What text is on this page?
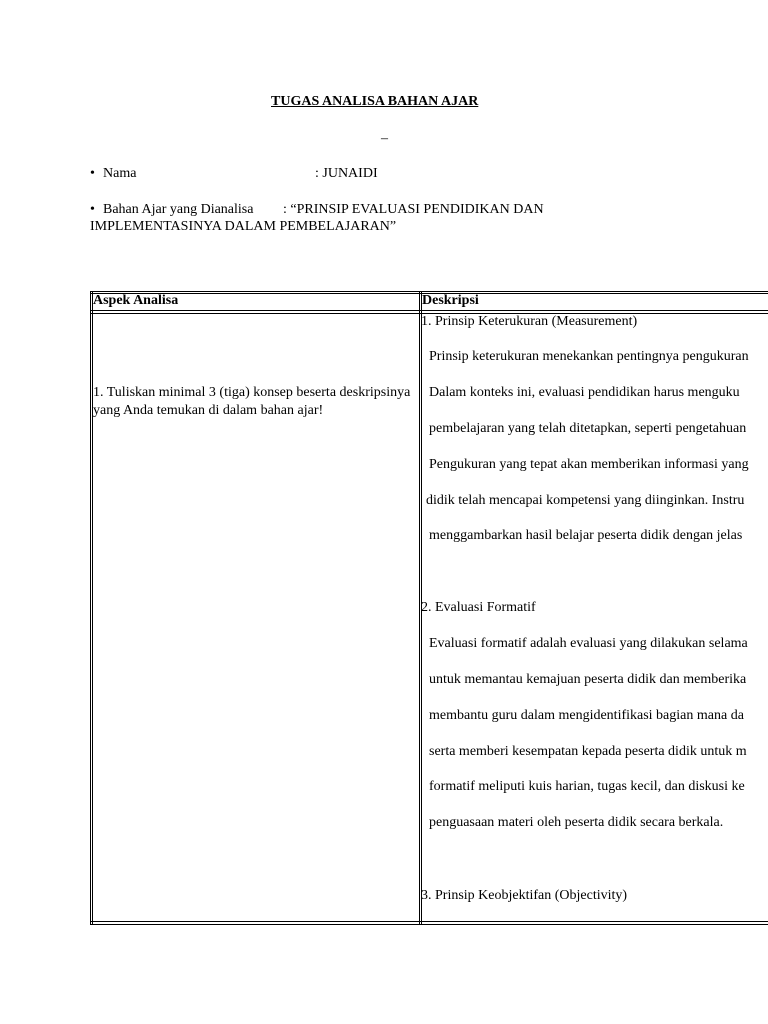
TUGAS ANALISA BAHAN AJAR
–
• Nama	: JUNAIDI
• Bahan Ajar yang Dianalisa : “PRINSIP EVALUASI PENDIDIKAN DAN
IMPLEMENTASINYA DALAM PEMBELAJARAN”
Aspek Analisa	Deskripsi
1. Tuliskan minimal 3 (tiga) konsep beserta deskripsinya yang Anda temukan di dalam bahan ajar!
1. Prinsip Keterukuran (Measurement)
Prinsip keterukuran menekankan pentingnya pengukuran
Dalam konteks ini, evaluasi pendidikan harus menguku
pembelajaran yang telah ditetapkan, seperti pengetahuan
Pengukuran yang tepat akan memberikan informasi yang
didik telah mencapai kompetensi yang diinginkan. Instru
menggambarkan hasil belajar peserta didik dengan jelas
2. Evaluasi Formatif
Evaluasi formatif adalah evaluasi yang dilakukan selama
untuk memantau kemajuan peserta didik dan memberika
membantu guru dalam mengidentifikasi bagian mana da
serta memberi kesempatan kepada peserta didik untuk m
formatif meliputi kuis harian, tugas kecil, dan diskusi ke
penguasaan materi oleh peserta didik secara berkala.
3. Prinsip Keobjektifan (Objectivity)
